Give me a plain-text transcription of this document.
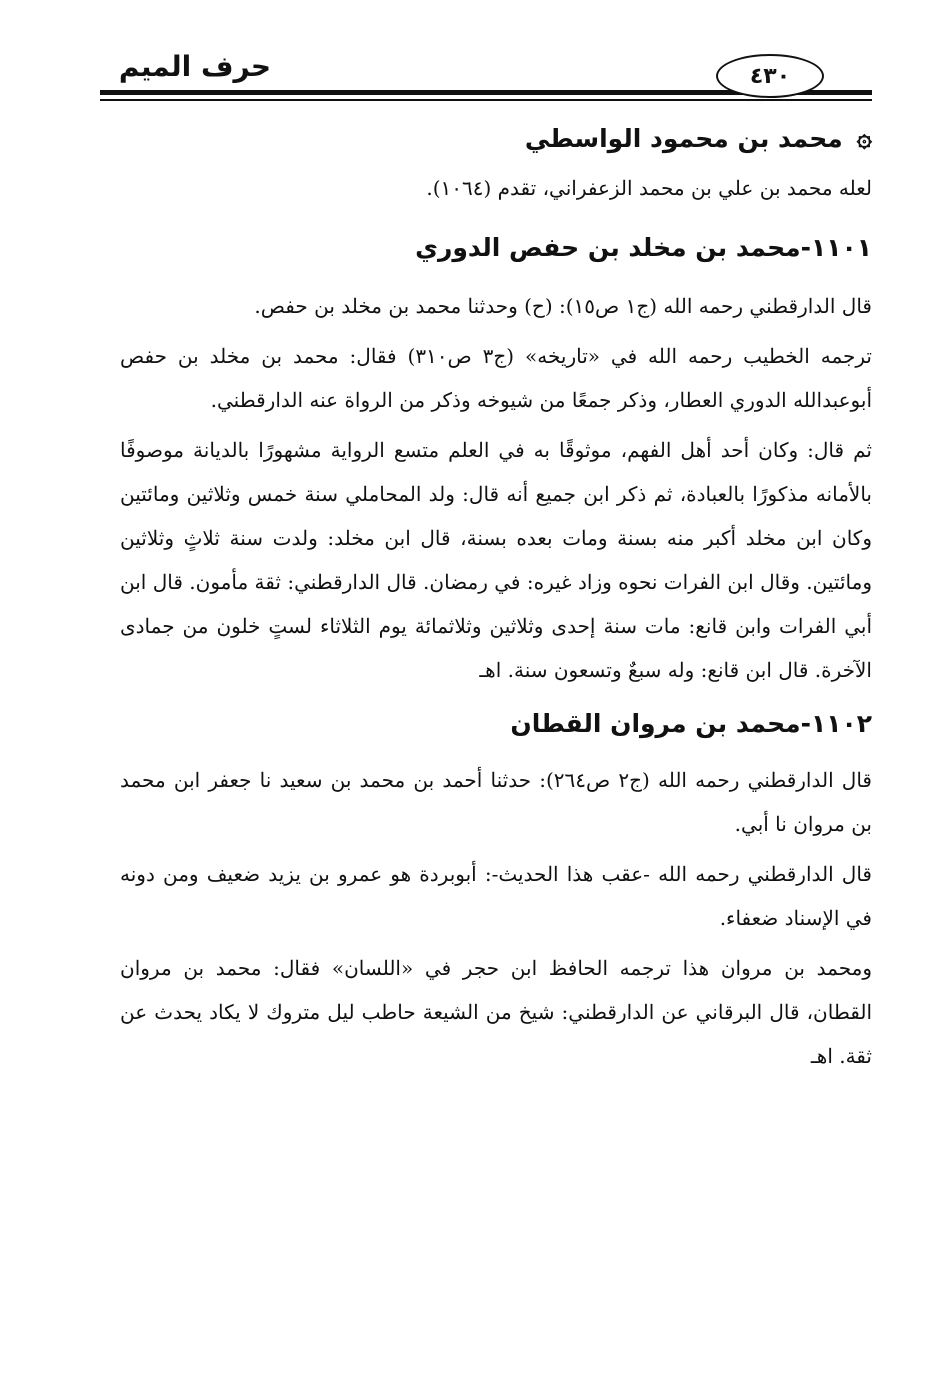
حرف الميم	٤٣٠
۞
محمد بن محمود الواسطي

لعله محمد بن علي بن محمد الزعفراني، تقدم (١٠٦٤).

١١٠١-محمد بن مخلد بن حفص الدوري

قال الدارقطني رحمه الله (ج١ ص١٥): (ح) وحدثنا محمد بن مخلد بن حفص.

ترجمه الخطيب رحمه الله في «تاريخه» (ج٣ ص٣١٠) فقال: محمد بن مخلد بن حفص أبوعبدالله الدوري العطار، وذكر جمعًا من شيوخه وذكر من الرواة عنه الدارقطني.

ثم قال: وكان أحد أهل الفهم، موثوقًا به في العلم متسع الرواية مشهورًا بالديانة موصوفًا بالأمانه مذكورًا بالعبادة، ثم ذكر ابن جميع أنه قال: ولد المحاملي سنة خمس وثلاثين ومائتين وكان ابن مخلد أكبر منه بسنة ومات بعده بسنة، قال ابن مخلد: ولدت سنة ثلاثٍ وثلاثين ومائتين. وقال ابن الفرات نحوه وزاد غيره: في رمضان. قال الدارقطني: ثقة مأمون. قال ابن أبي الفرات وابن قانع: مات سنة إحدى وثلاثين وثلاثمائة يوم الثلاثاء لستٍ خلون من جمادى الآخرة. قال ابن قانع: وله سبعٌ وتسعون سنة. اهـ

١١٠٢-محمد بن مروان القطان

قال الدارقطني رحمه الله (ج٢ ص٢٦٤): حدثنا أحمد بن محمد بن سعيد نا جعفر ابن محمد بن مروان نا أبي.

قال الدارقطني رحمه الله -عقب هذا الحديث-: أبوبردة هو عمرو بن يزيد ضعيف ومن دونه في الإسناد ضعفاء.

ومحمد بن مروان هذا ترجمه الحافظ ابن حجر في «اللسان» فقال: محمد بن مروان القطان، قال البرقاني عن الدارقطني: شيخ من الشيعة حاطب ليل متروك لا يكاد يحدث عن ثقة. اهـ
